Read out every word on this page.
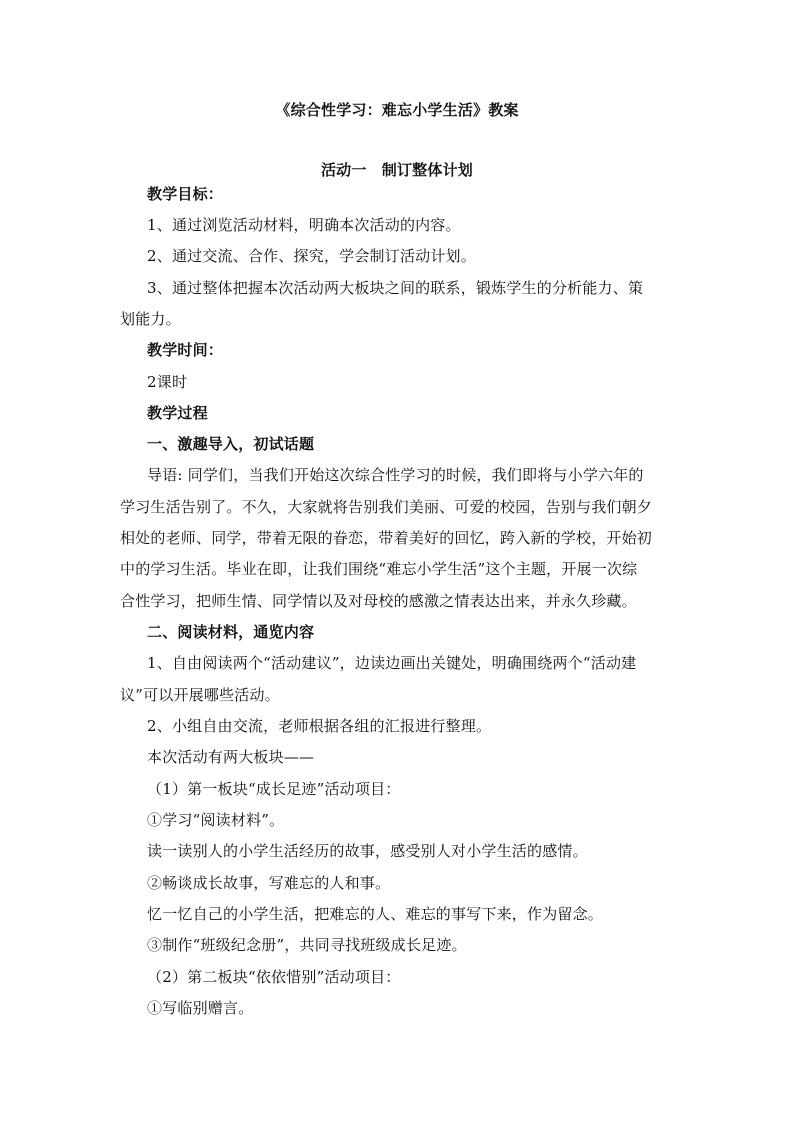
《综合性学习：难忘小学生活》教案
活动一　制订整体计划
教学目标：
1、通过浏览活动材料，明确本次活动的内容。
2、通过交流、合作、探究，学会制订活动计划。
3、通过整体把握本次活动两大板块之间的联系，锻炼学生的分析能力、策
划能力。
教学时间：
2课时
教学过程
一、激趣导入，初试话题
导语: 同学们，当我们开始这次综合性学习的时候，我们即将与小学六年的
学习生活告别了。不久，大家就将告别我们美丽、可爱的校园，告别与我们朝夕
相处的老师、同学，带着无限的眷恋，带着美好的回忆，跨入新的学校，开始初
中的学习生活。毕业在即，让我们围绕“难忘小学生活”这个主题，开展一次综
合性学习，把师生情、同学情以及对母校的感激之情表达出来，并永久珍藏。
二、阅读材料，通览内容
1、自由阅读两个“活动建议”，边读边画出关键处，明确围绕两个“活动建
议”可以开展哪些活动。
2、小组自由交流，老师根据各组的汇报进行整理。
本次活动有两大板块——
（1）第一板块“成长足迹”活动项目：
①学习“阅读材料”。
读一读别人的小学生活经历的故事，感受别人对小学生活的感情。
②畅谈成长故事，写难忘的人和事。
忆一忆自己的小学生活，把难忘的人、难忘的事写下来，作为留念。
③制作“班级纪念册”，共同寻找班级成长足迹。
（2）第二板块“依依惜别”活动项目：
①写临别赠言。
